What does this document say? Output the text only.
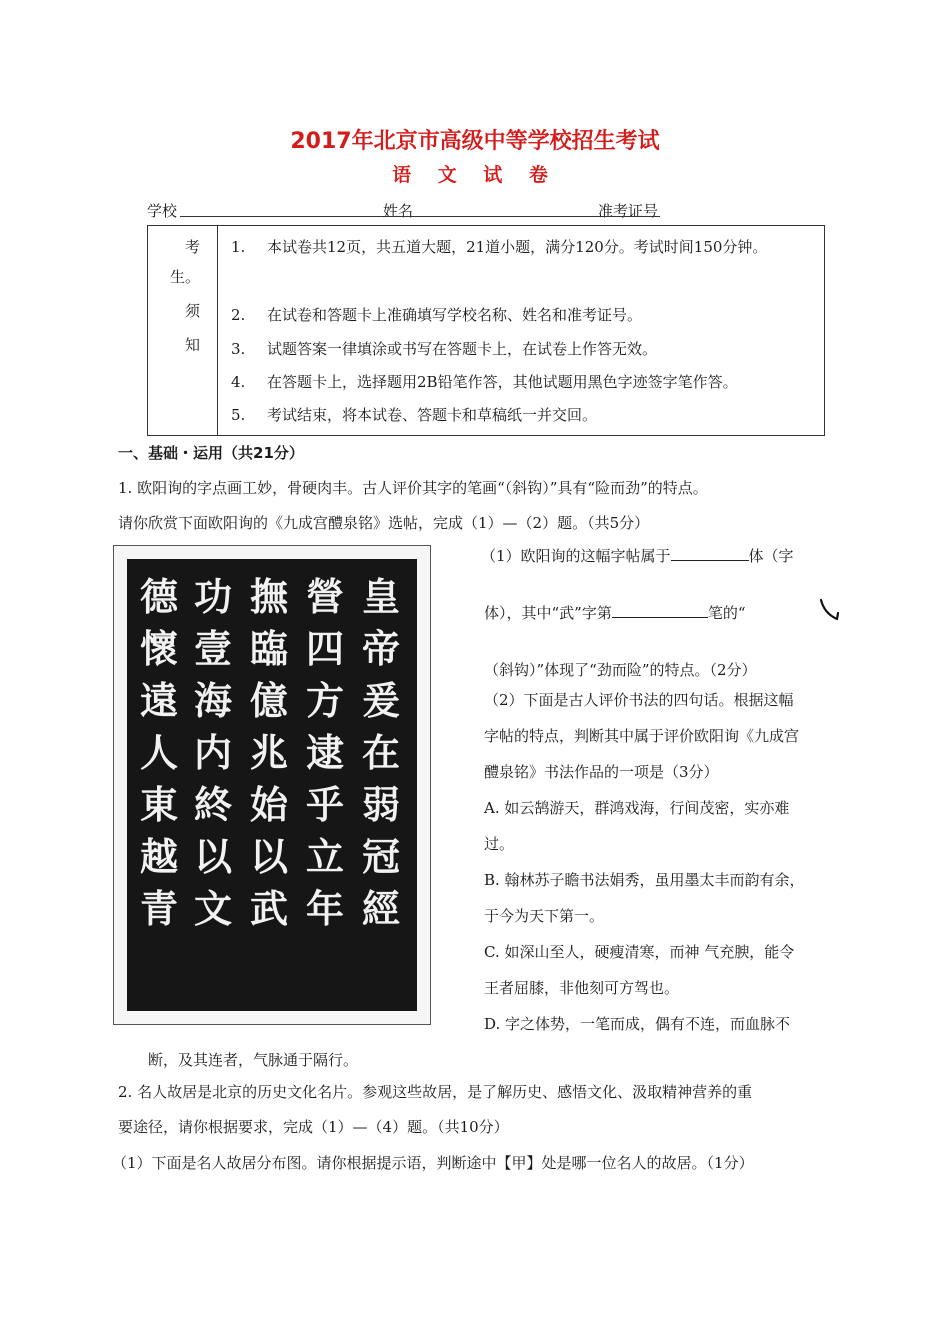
2017年北京市高级中等学校招生考试
语 文 试 卷
学校	姓名	准考证号
考
生。
须
知
1. 本试卷共12页，共五道大题，21道小题，满分120分。考试时间150分钟。
2. 在试卷和答题卡上准确填写学校名称、姓名和准考证号。
3. 试题答案一律填涂或书写在答题卡上，在试卷上作答无效。
4. 在答题卡上，选择题用2B铅笔作答，其他试题用黑色字迹签字笔作答。
5. 考试结束，将本试卷、答题卡和草稿纸一并交回。
一、基础・运用（共21分）
1. 欧阳询的字点画工妙，骨硬肉丰。古人评价其字的笔画“（斜钩）”具有“险而劲”的特点。
请你欣赏下面欧阳询的《九成宫醴泉铭》选帖，完成（1）—（2）题。（共5分）
皇
帝
爰
在
弱
冠
經
營
四
方
逮
乎
立
年
撫
臨
億
兆
始
以
武
功
壹
海
内
終
以
文
德
懷
遠
人
東
越
青
（1）欧阳询的这幅字帖属于	体（字
体），其中“武”字第	笔的“
（斜钩）”体现了“劲而险”的特点。（2分）
（2）下面是古人评价书法的四句话。根据这幅
字帖的特点，判断其中属于评价欧阳询《九成宫
醴泉铭》书法作品的一项是（3分）
A. 如云鹄游天，群鸿戏海，行间茂密，实亦难
过。
B. 翰林苏子瞻书法娟秀，虽用墨太丰而韵有余，
于今为天下第一。
C. 如深山至人，硬瘦清寒，而神 气充腴，能令
王者屈膝，非他刻可方驾也。
D. 字之体势，一笔而成，偶有不连，而血脉不
断，及其连者，气脉通于隔行。
2. 名人故居是北京的历史文化名片。参观这些故居，是了解历史、感悟文化、汲取精神营养的重
要途径，请你根据要求，完成（1）—（4）题。（共10分）
（1）下面是名人故居分布图。请你根据提示语，判断途中【甲】处是哪一位名人的故居。（1分）
